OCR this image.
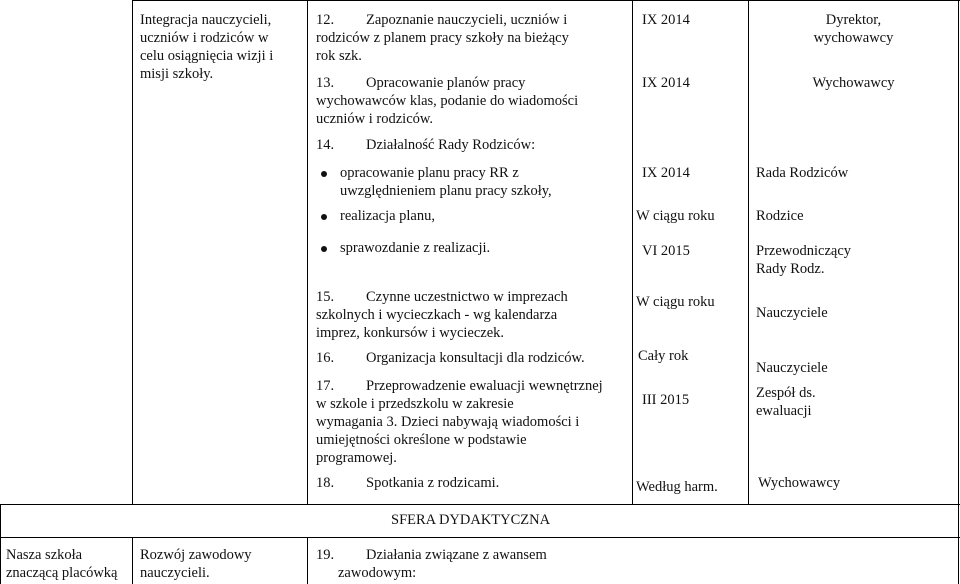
Integracja nauczycieli,
uczniów i rodziców w
celu osiągnięcia wizji i
misji szkoły.
12. Zapoznanie nauczycieli, uczniów i
rodziców z planem pracy szkoły na bieżący
rok szk.
13. Opracowanie planów pracy
wychowawców klas, podanie do wiadomości
uczniów i rodziców.
14. Działalność Rady Rodziców:
opracowanie planu pracy RR z
uwzględnieniem planu pracy szkoły,
realizacja planu,
sprawozdanie z realizacji.
15. Czynne uczestnictwo w imprezach
szkolnych i wycieczkach - wg kalendarza
imprez, konkursów i wycieczek.
16. Organizacja konsultacji dla rodziców.
17. Przeprowadzenie ewaluacji wewnętrznej
w szkole i przedszkolu w zakresie
wymagania 3. Dzieci nabywają wiadomości i
umiejętności określone w podstawie
programowej.
18. Spotkania z rodzicami.
IX 2014
IX 2014
IX 2014
W ciągu roku
VI 2015
W ciągu roku
Cały rok
III 2015
Według harm.
Dyrektor,
wychowawcy
Wychowawcy
Rada Rodziców
Rodzice
Przewodniczący
Rady Rodz.
Nauczyciele
Nauczyciele
Zespół ds.
ewaluacji
Wychowawcy
SFERA DYDAKTYCZNA
Nasza szkoła
znaczącą placówką
Rozwój zawodowy
nauczycieli.
19. Działania związane z awansem
zawodowym:
